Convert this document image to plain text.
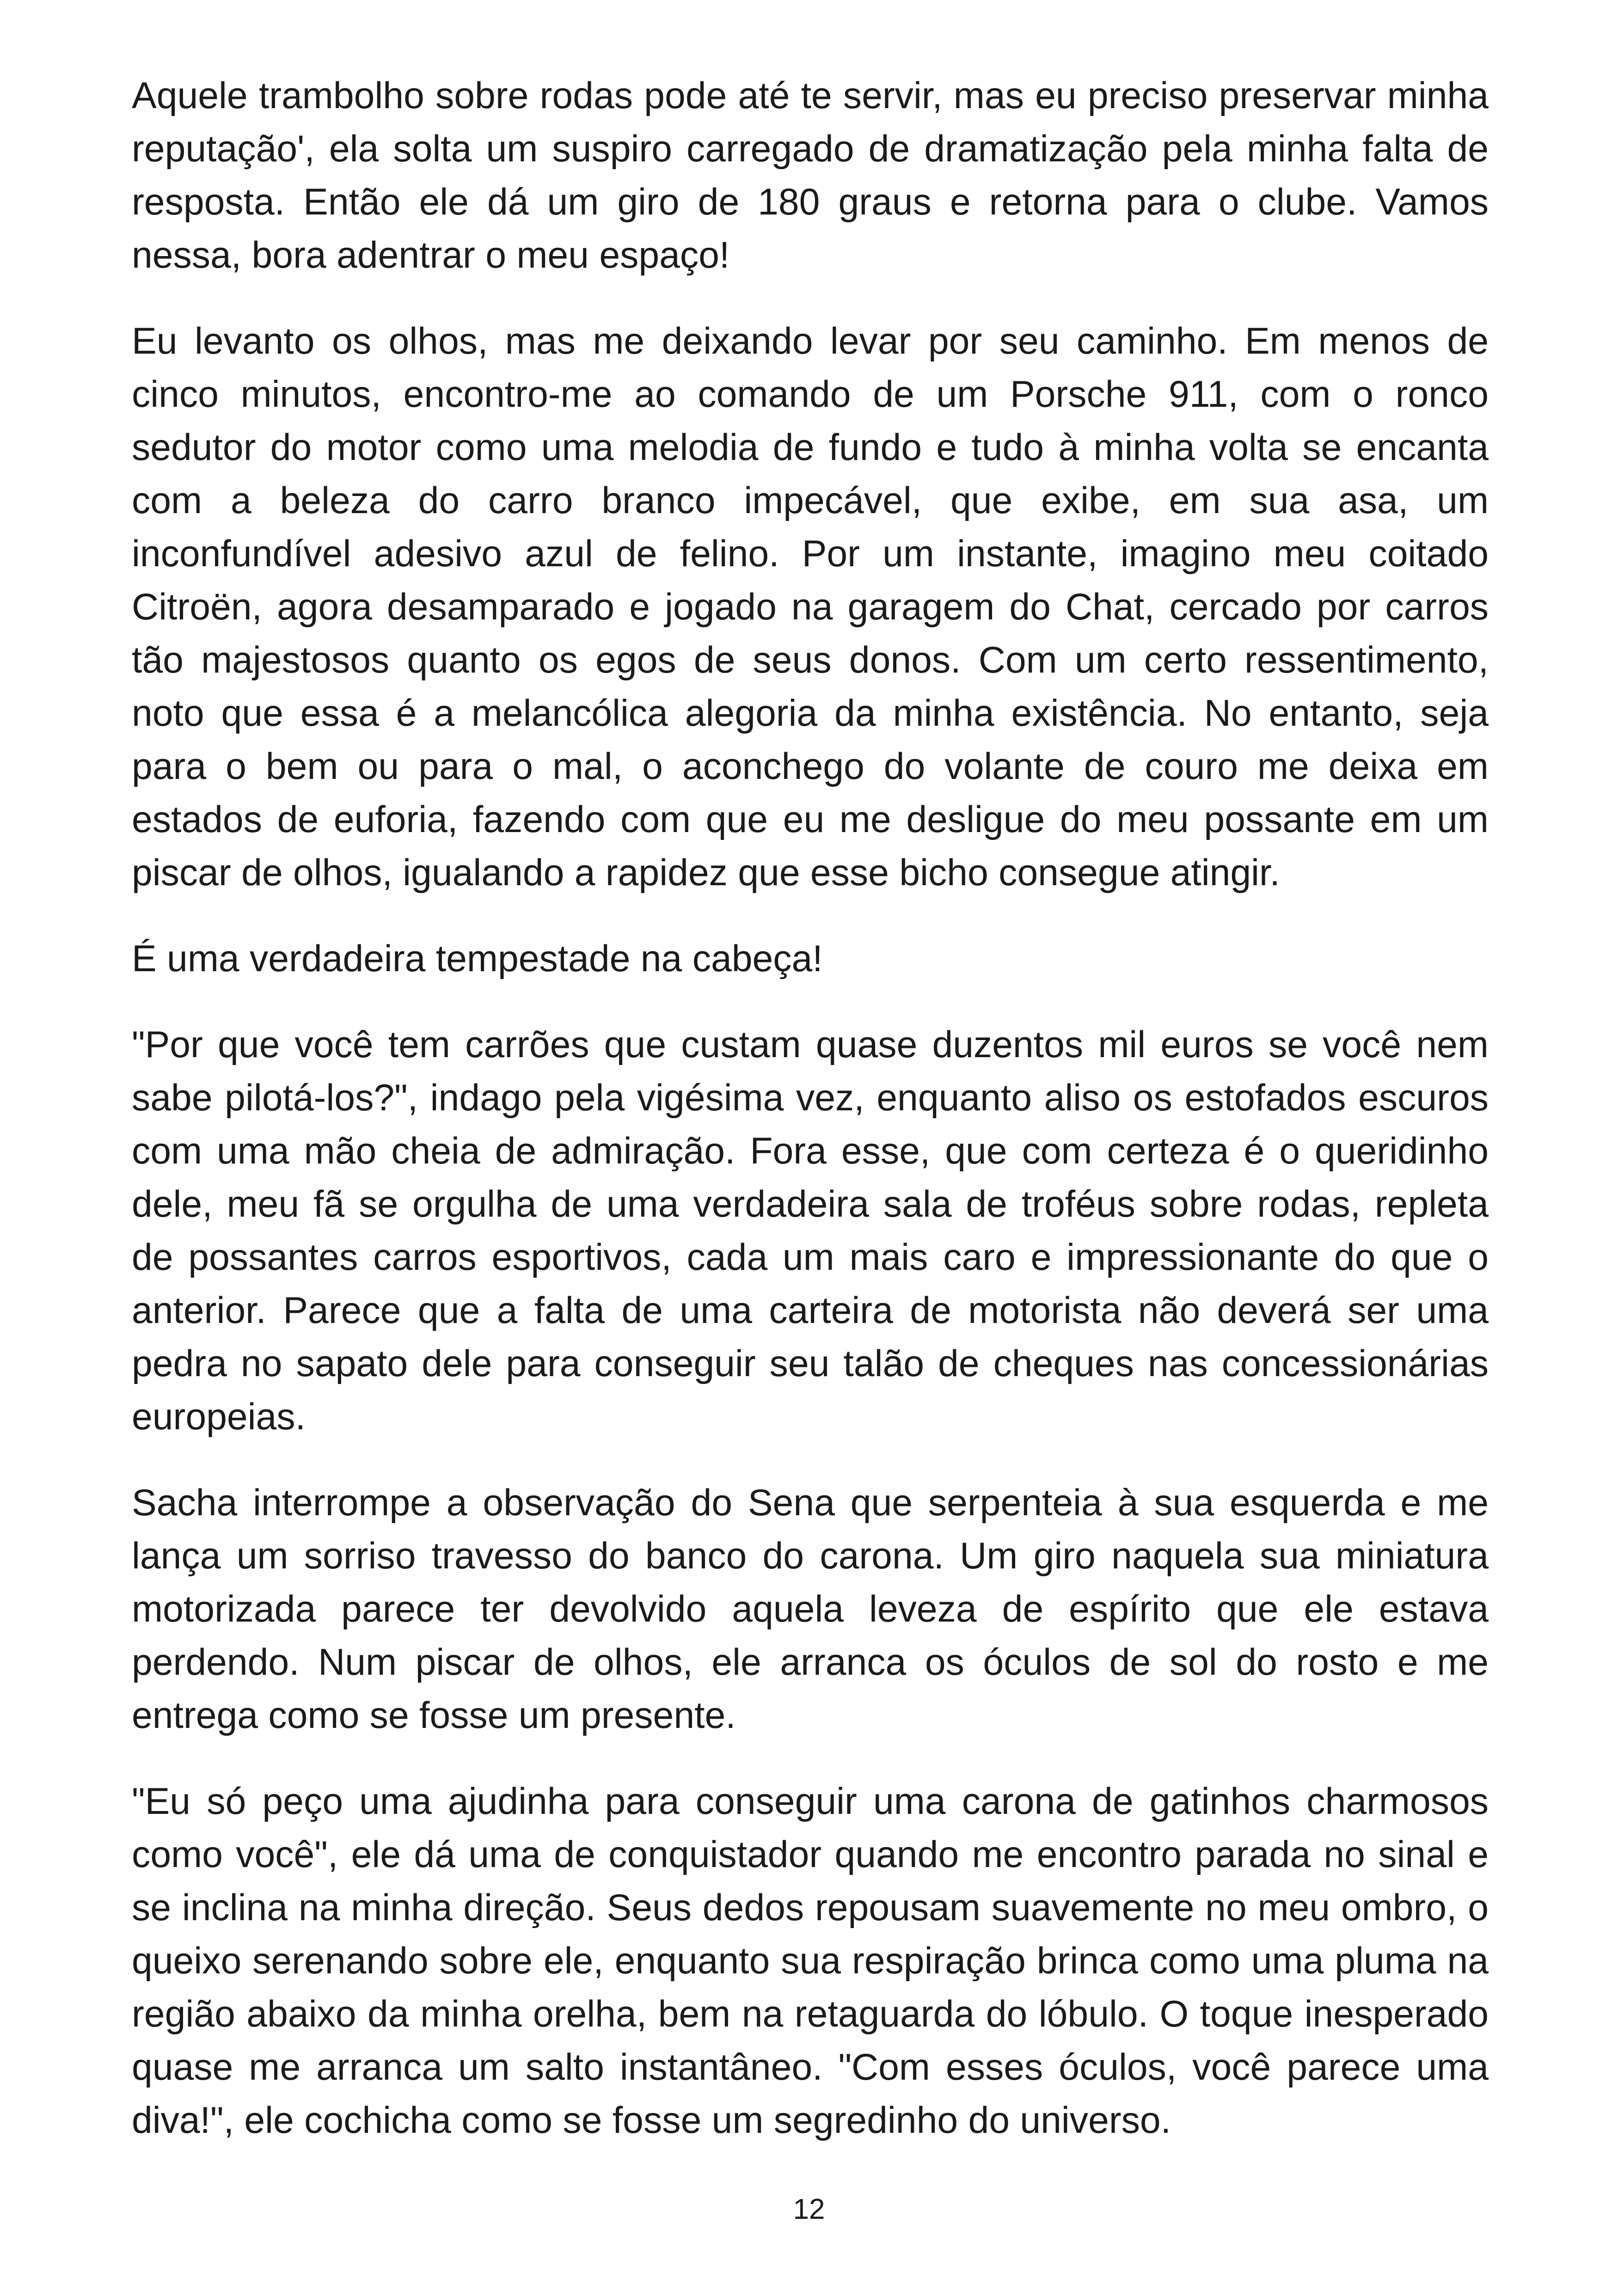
Aquele trambolho sobre rodas pode até te servir, mas eu preciso preservar minha reputação', ela solta um suspiro carregado de dramatização pela minha falta de resposta. Então ele dá um giro de 180 graus e retorna para o clube. Vamos nessa, bora adentrar o meu espaço!

Eu levanto os olhos, mas me deixando levar por seu caminho. Em menos de cinco minutos, encontro-me ao comando de um Porsche 911, com o ronco sedutor do motor como uma melodia de fundo e tudo à minha volta se encanta com a beleza do carro branco impecável, que exibe, em sua asa, um inconfundível adesivo azul de felino. Por um instante, imagino meu coitado Citroën, agora desamparado e jogado na garagem do Chat, cercado por carros tão majestosos quanto os egos de seus donos. Com um certo ressentimento, noto que essa é a melancólica alegoria da minha existência. No entanto, seja para o bem ou para o mal, o aconchego do volante de couro me deixa em estados de euforia, fazendo com que eu me desligue do meu possante em um piscar de olhos, igualando a rapidez que esse bicho consegue atingir.

É uma verdadeira tempestade na cabeça!

"Por que você tem carrões que custam quase duzentos mil euros se você nem sabe pilotá-los?", indago pela vigésima vez, enquanto aliso os estofados escuros com uma mão cheia de admiração. Fora esse, que com certeza é o queridinho dele, meu fã se orgulha de uma verdadeira sala de troféus sobre rodas, repleta de possantes carros esportivos, cada um mais caro e impressionante do que o anterior. Parece que a falta de uma carteira de motorista não deverá ser uma pedra no sapato dele para conseguir seu talão de cheques nas concessionárias europeias.

Sacha interrompe a observação do Sena que serpenteia à sua esquerda e me lança um sorriso travesso do banco do carona. Um giro naquela sua miniatura motorizada parece ter devolvido aquela leveza de espírito que ele estava perdendo. Num piscar de olhos, ele arranca os óculos de sol do rosto e me entrega como se fosse um presente.

"Eu só peço uma ajudinha para conseguir uma carona de gatinhos charmosos como você", ele dá uma de conquistador quando me encontro parada no sinal e se inclina na minha direção. Seus dedos repousam suavemente no meu ombro, o queixo serenando sobre ele, enquanto sua respiração brinca como uma pluma na região abaixo da minha orelha, bem na retaguarda do lóbulo. O toque inesperado quase me arranca um salto instantâneo. "Com esses óculos, você parece uma diva!", ele cochicha como se fosse um segredinho do universo.

12
